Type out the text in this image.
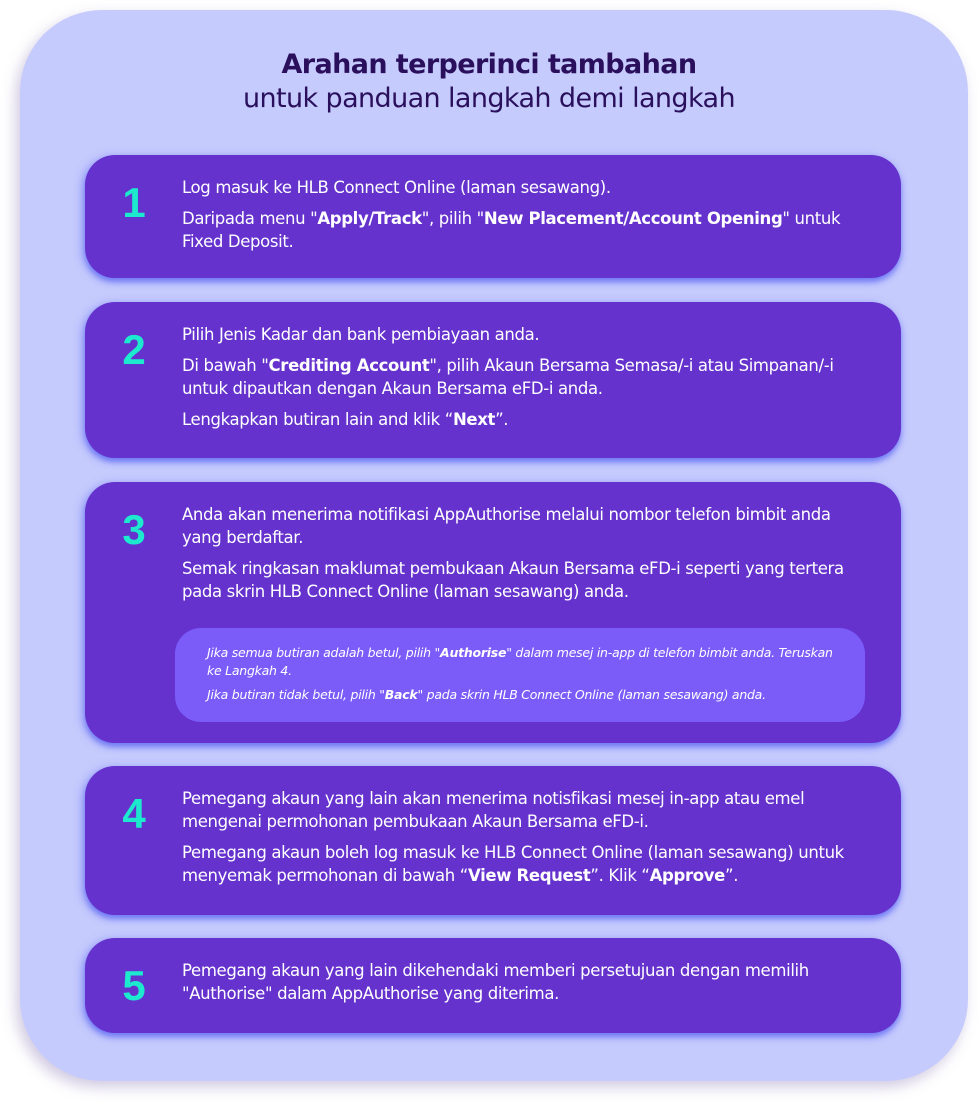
Arahan terperinci tambahan
untuk panduan langkah demi langkah
1 Log masuk ke HLB Connect Online (laman sesawang).

Daripada menu "Apply/Track", pilih "New Placement/Account Opening" untuk Fixed Deposit.

2 Pilih Jenis Kadar dan bank pembiayaan anda.

Di bawah "Crediting Account", pilih Akaun Bersama Semasa/-i atau Simpanan/-i untuk dipautkan dengan Akaun Bersama eFD-i anda.

Lengkapkan butiran lain and klik “Next”.

3 Anda akan menerima notifikasi AppAuthorise melalui nombor telefon bimbit anda yang berdaftar.

Semak ringkasan maklumat pembukaan Akaun Bersama eFD-i seperti yang tertera pada skrin HLB Connect Online (laman sesawang) anda.

Jika semua butiran adalah betul, pilih "Authorise" dalam mesej in-app di telefon bimbit anda. Teruskan ke Langkah 4.

Jika butiran tidak betul, pilih "Back" pada skrin HLB Connect Online (laman sesawang) anda.

4 Pemegang akaun yang lain akan menerima notisfikasi mesej in-app atau emel mengenai permohonan pembukaan Akaun Bersama eFD-i.

Pemegang akaun boleh log masuk ke HLB Connect Online (laman sesawang) untuk menyemak permohonan di bawah “View Request”. Klik “Approve”.

5 Pemegang akaun yang lain dikehendaki memberi persetujuan dengan memilih "Authorise" dalam AppAuthorise yang diterima.
